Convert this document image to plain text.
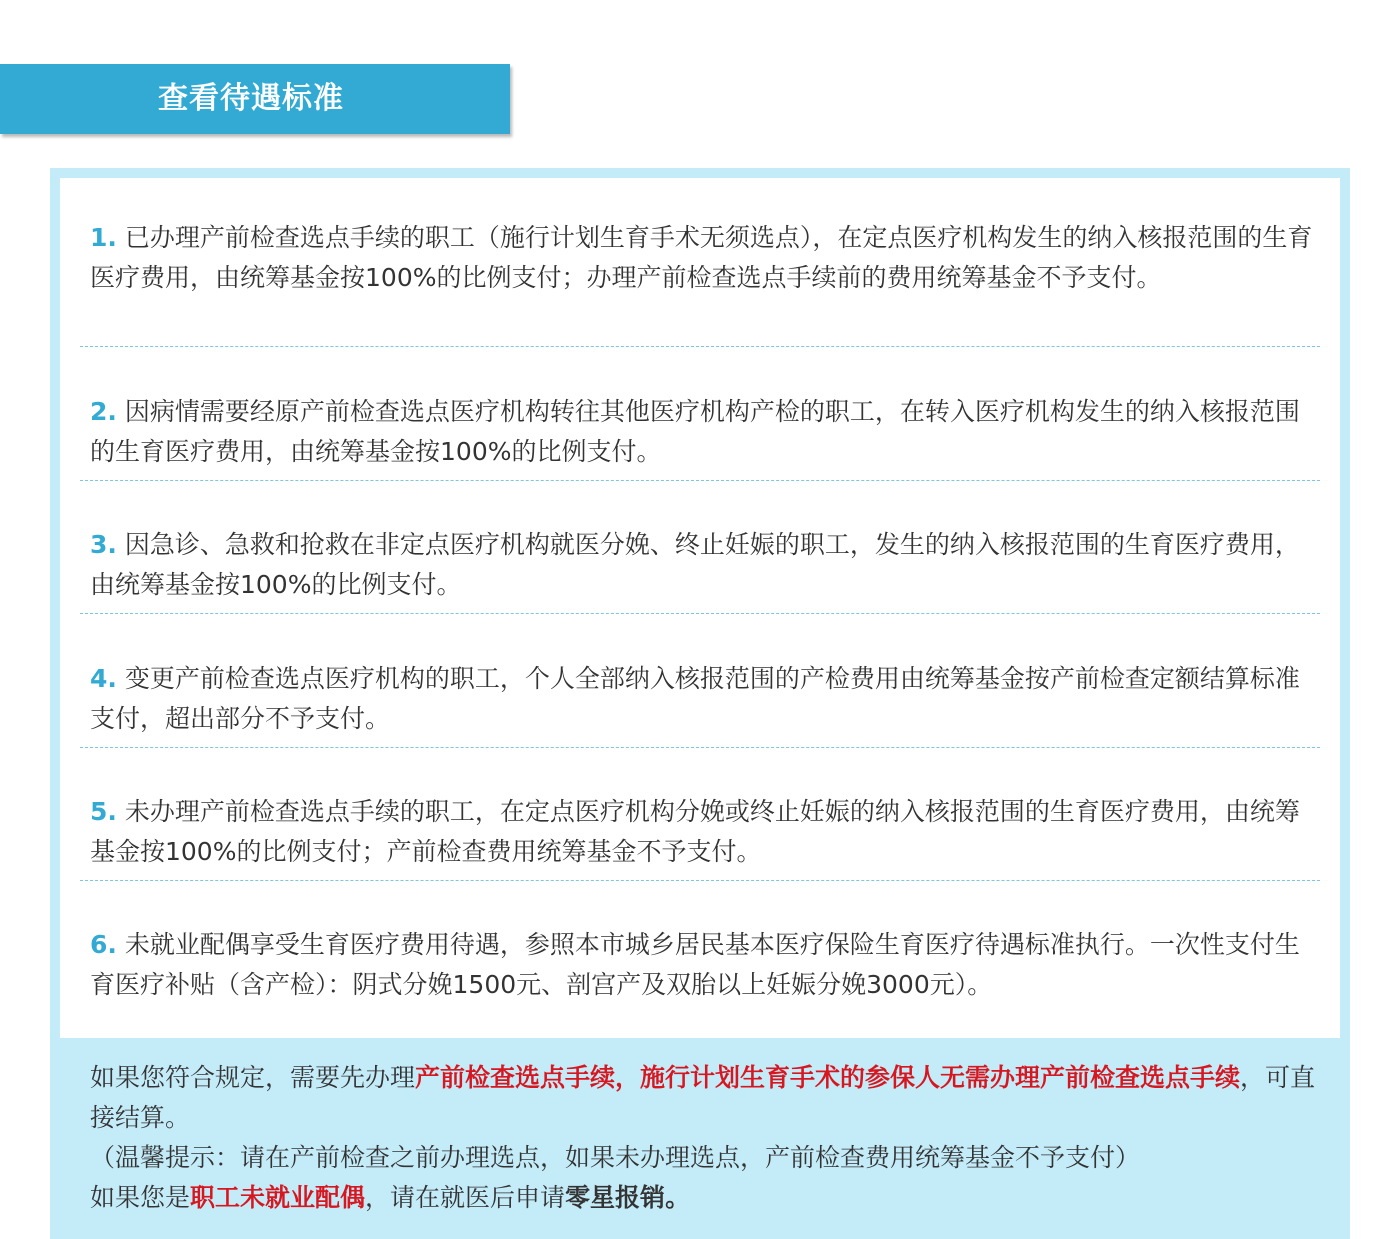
查看待遇标准
1. 已办理产前检查选点手续的职工（施行计划生育手术无须选点），在定点医疗机构发生的纳入核报范围的生育医疗费用，由统筹基金按100%的比例支付；办理产前检查选点手续前的费用统筹基金不予支付。
2. 因病情需要经原产前检查选点医疗机构转往其他医疗机构产检的职工，在转入医疗机构发生的纳入核报范围的生育医疗费用，由统筹基金按100%的比例支付。
3. 因急诊、急救和抢救在非定点医疗机构就医分娩、终止妊娠的职工，发生的纳入核报范围的生育医疗费用，由统筹基金按100%的比例支付。
4. 变更产前检查选点医疗机构的职工，个人全部纳入核报范围的产检费用由统筹基金按产前检查定额结算标准支付，超出部分不予支付。
5. 未办理产前检查选点手续的职工，在定点医疗机构分娩或终止妊娠的纳入核报范围的生育医疗费用，由统筹基金按100%的比例支付；产前检查费用统筹基金不予支付。
6. 未就业配偶享受生育医疗费用待遇，参照本市城乡居民基本医疗保险生育医疗待遇标准执行。一次性支付生育医疗补贴（含产检）：阴式分娩1500元、剖宫产及双胎以上妊娠分娩3000元）。
如果您符合规定，需要先办理产前检查选点手续，施行计划生育手术的参保人无需办理产前检查选点手续，可直接结算。
（温馨提示：请在产前检查之前办理选点，如果未办理选点，产前检查费用统筹基金不予支付）
如果您是职工未就业配偶，请在就医后申请零星报销。
